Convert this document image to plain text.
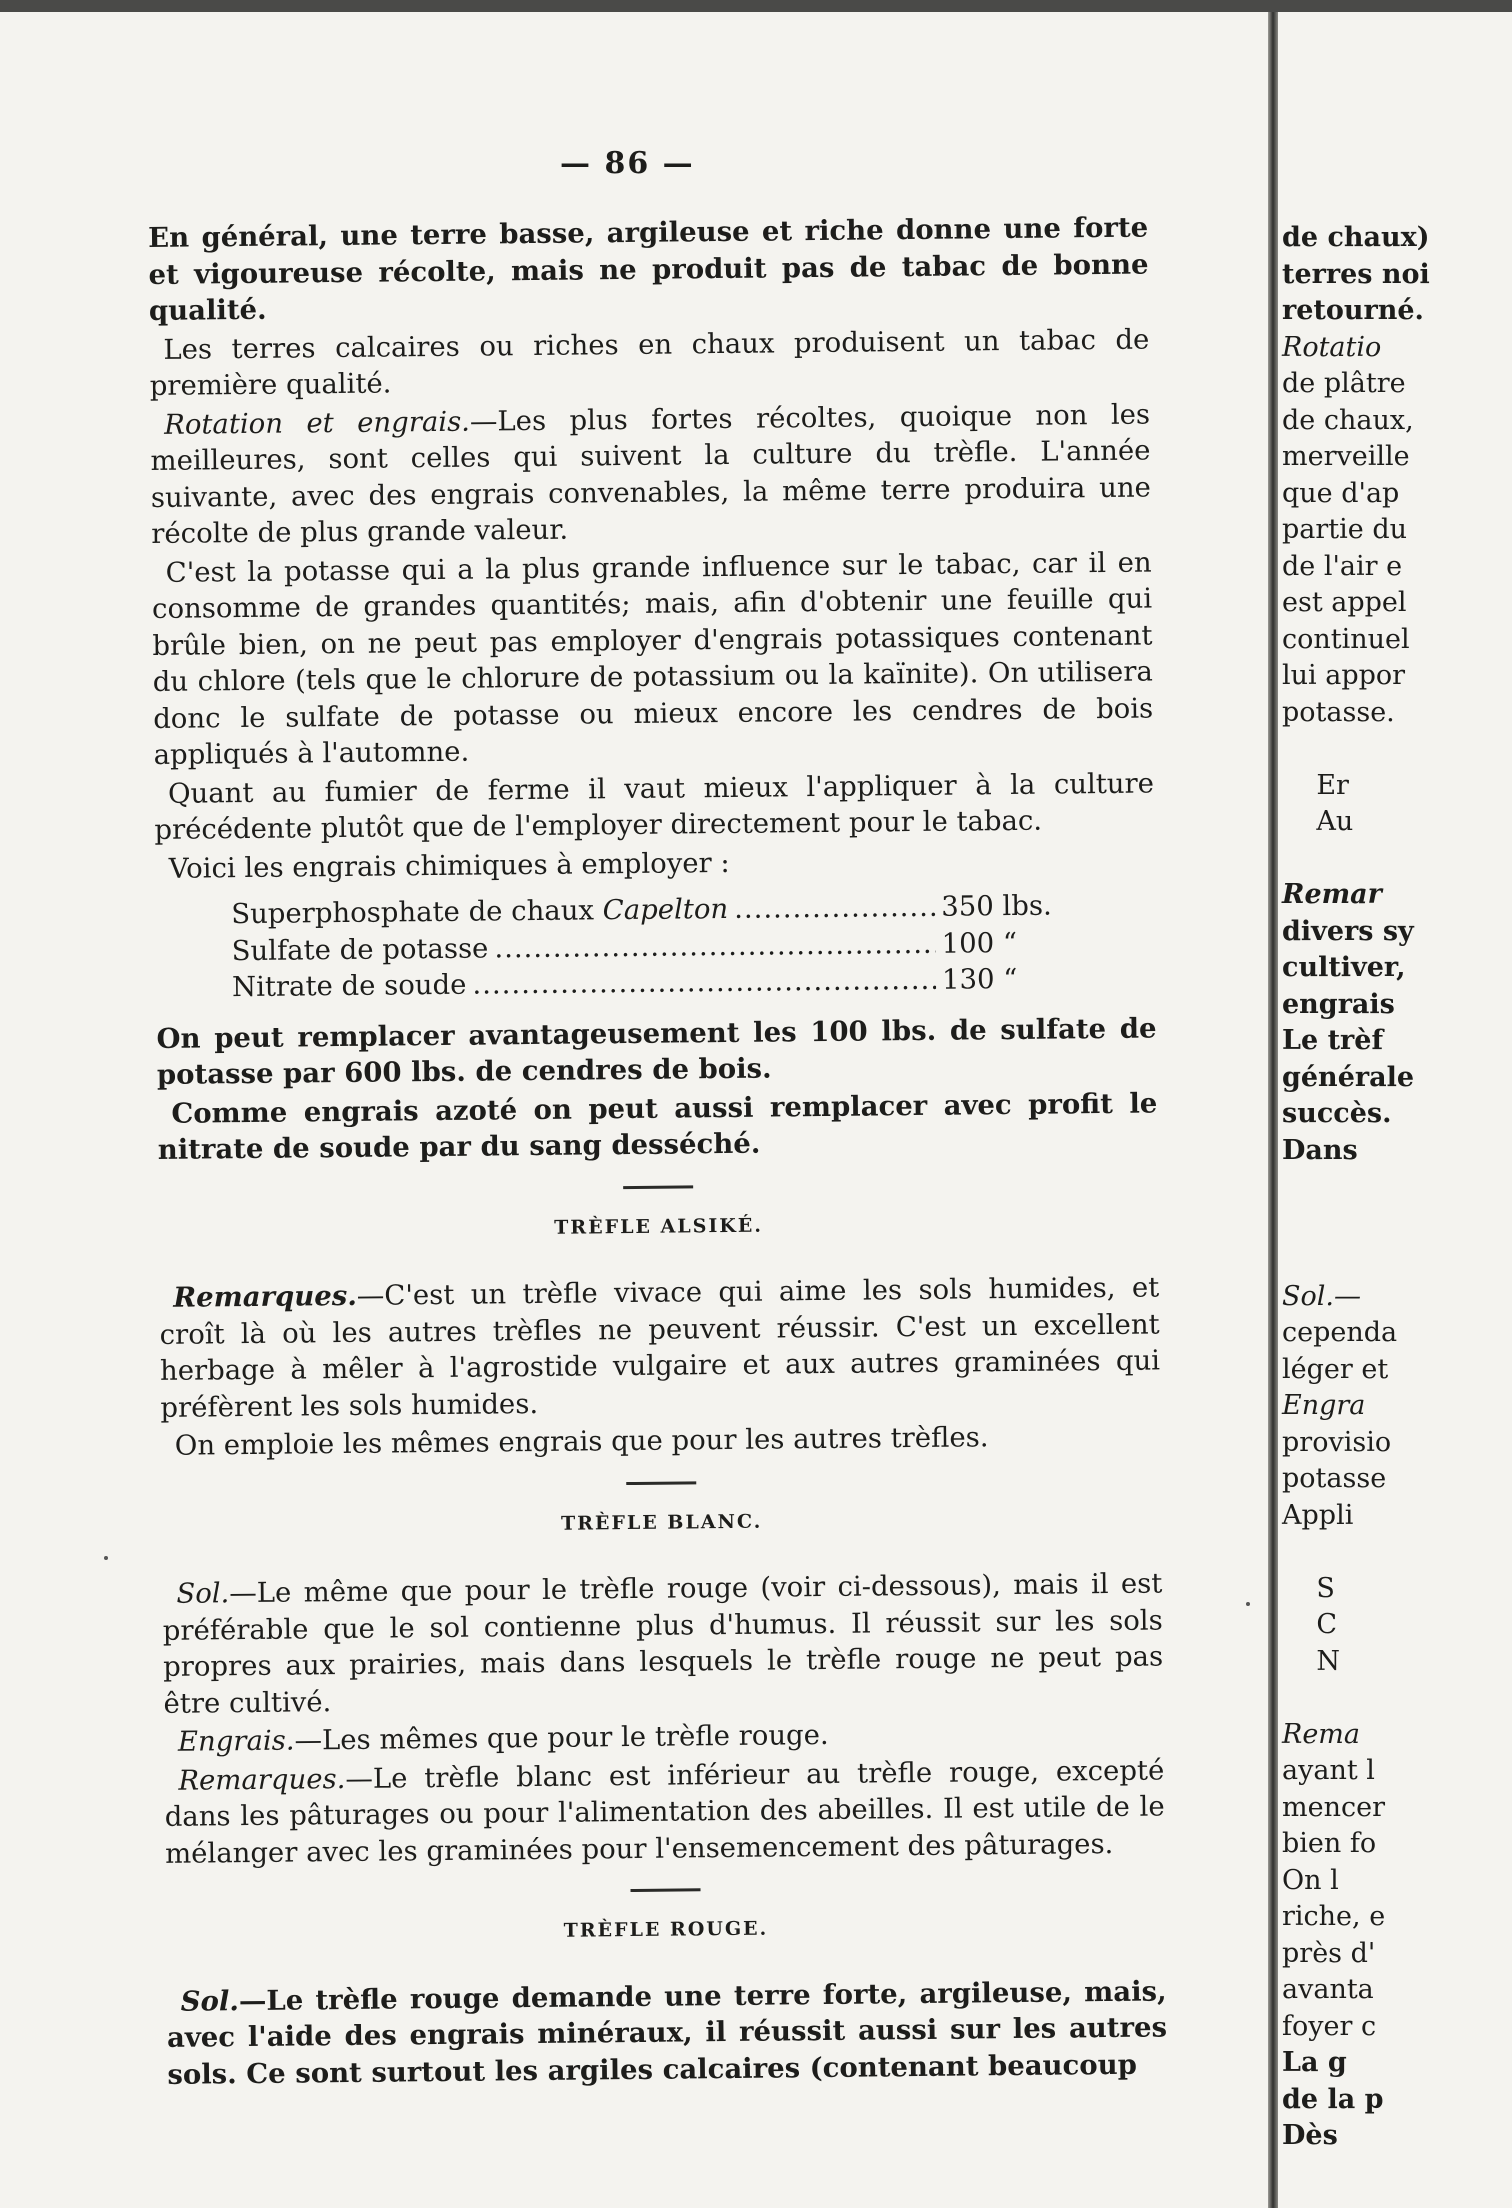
— 86 —

En général, une terre basse, argileuse et riche donne une forte et vigoureuse récolte, mais ne produit pas de tabac de bonne qualité.

Les terres calcaires ou riches en chaux produisent un tabac de première qualité.

Rotation et engrais.—Les plus fortes récoltes, quoique non les meilleures, sont celles qui suivent la culture du trèfle. L'année suivante, avec des engrais convenables, la même terre produira une récolte de plus grande valeur.

C'est la potasse qui a la plus grande influence sur le tabac, car il en consomme de grandes quantités; mais, afin d'obtenir une feuille qui brûle bien, on ne peut pas employer d'engrais potassiques contenant du chlore (tels que le chlorure de potassium ou la kaïnite). On utilisera donc le sulfate de potasse ou mieux encore les cendres de bois appliqués à l'automne.

Quant au fumier de ferme il vaut mieux l'appliquer à la culture précédente plutôt que de l'employer directement pour le tabac.

Voici les engrais chimiques à employer :

Superphosphate de chaux Capelton .....	350 lbs.
Sulfate de potasse .....	100 “
Nitrate de soude .....	130 “

On peut remplacer avantageusement les 100 lbs. de sulfate de potasse par 600 lbs. de cendres de bois.

Comme engrais azoté on peut aussi remplacer avec profit le nitrate de soude par du sang desséché.

TRÈFLE ALSIKÉ.

Remarques.—C'est un trèfle vivace qui aime les sols humides, et croît là où les autres trèfles ne peuvent réussir. C'est un excellent herbage à mêler à l'agrostide vulgaire et aux autres graminées qui préfèrent les sols humides.

On emploie les mêmes engrais que pour les autres trèfles.

TRÈFLE BLANC.

Sol.—Le même que pour le trèfle rouge (voir ci-dessous), mais il est préférable que le sol contienne plus d'humus. Il réussit sur les sols propres aux prairies, mais dans lesquels le trèfle rouge ne peut pas être cultivé.

Engrais.—Les mêmes que pour le trèfle rouge.

Remarques.—Le trèfle blanc est inférieur au trèfle rouge, excepté dans les pâturages ou pour l'alimentation des abeilles. Il est utile de le mélanger avec les graminées pour l'ensemencement des pâturages.

TRÈFLE ROUGE.

Sol.—Le trèfle rouge demande une terre forte, argileuse, mais, avec l'aide des engrais minéraux, il réussit aussi sur les autres sols. Ce sont surtout les argiles calcaires (contenant beaucoup

de chaux)
terres noi
retourné.
Rotatio
de plâtre
de chaux,
merveille
que d'ap
partie du
de l'air e
est appel
continuel
lui appor
potasse.
Er
Au
Remar
divers sy
cultiver,
engrais
Le trèf
générale
succès.
Dans
Sol.—
cependa
léger et
Engra
provisio
potasse
Appli
S
C
N
Rema
ayant l
mencer
bien fo
On l
riche, e
près d'
avanta
foyer c
La g
de la p
Dès
